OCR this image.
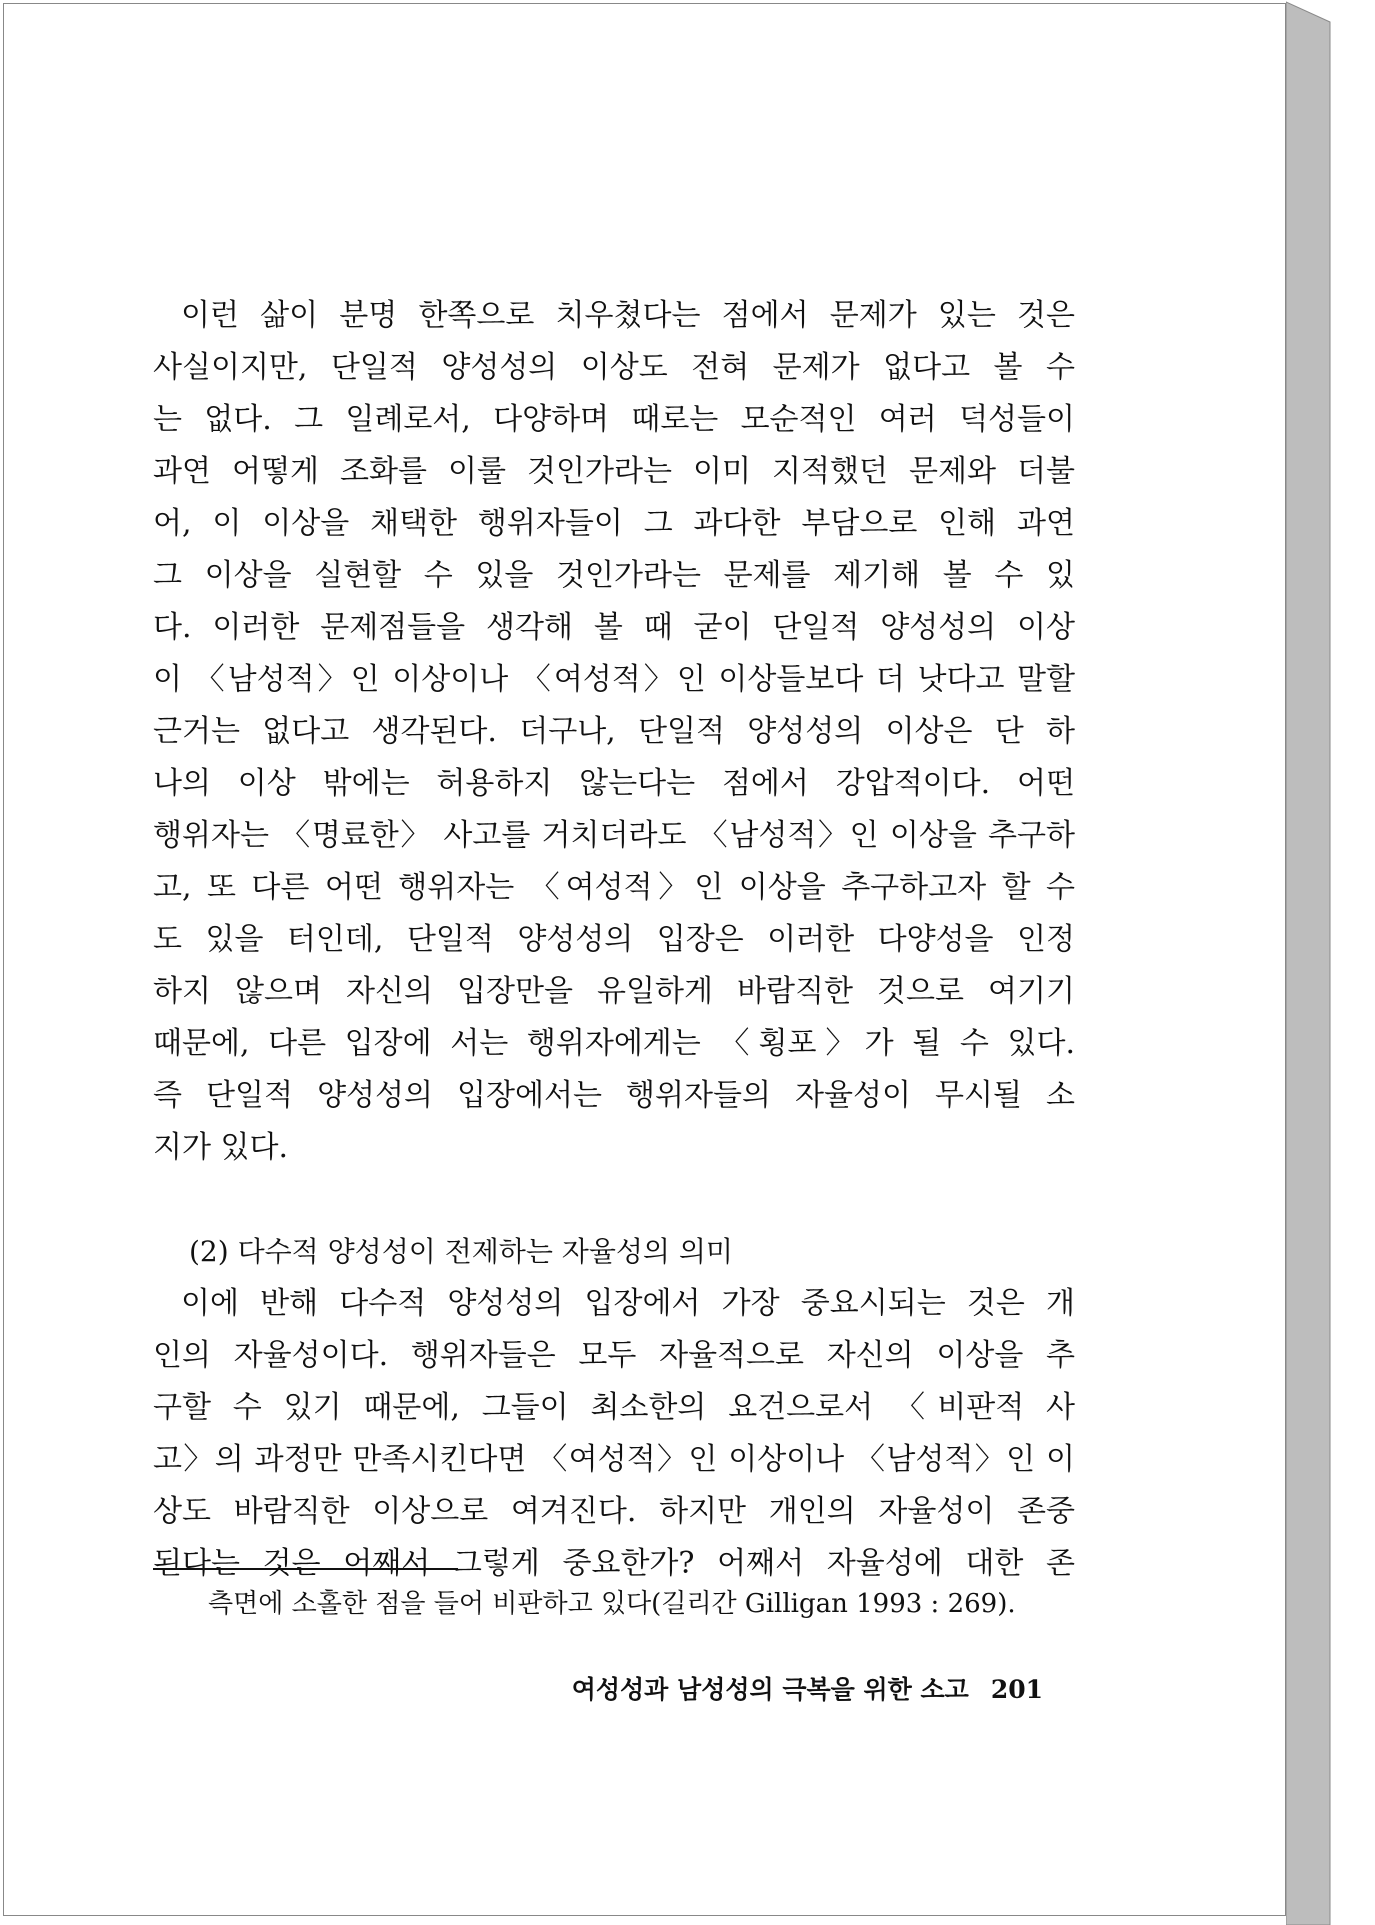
이런 삶이 분명 한쪽으로 치우쳤다는 점에서 문제가 있는 것은
사실이지만, 단일적 양성성의 이상도 전혀 문제가 없다고 볼 수
는 없다. 그 일례로서, 다양하며 때로는 모순적인 여러 덕성들이
과연 어떻게 조화를 이룰 것인가라는 이미 지적했던 문제와 더불
어, 이 이상을 채택한 행위자들이 그 과다한 부담으로 인해 과연
그 이상을 실현할 수 있을 것인가라는 문제를 제기해 볼 수 있
다. 이러한 문제점들을 생각해 볼 때 굳이 단일적 양성성의 이상
이 〈남성적〉인 이상이나 〈여성적〉인 이상들보다 더 낫다고 말할
근거는 없다고 생각된다. 더구나, 단일적 양성성의 이상은 단 하
나의 이상 밖에는 허용하지 않는다는 점에서 강압적이다. 어떤
행위자는 〈명료한〉 사고를 거치더라도 〈남성적〉인 이상을 추구하
고, 또 다른 어떤 행위자는 〈여성적〉인 이상을 추구하고자 할 수
도 있을 터인데, 단일적 양성성의 입장은 이러한 다양성을 인정
하지 않으며 자신의 입장만을 유일하게 바람직한 것으로 여기기
때문에, 다른 입장에 서는 행위자에게는 〈횡포〉가 될 수 있다.
즉 단일적 양성성의 입장에서는 행위자들의 자율성이 무시될 소
지가 있다.
(2) 다수적 양성성이 전제하는 자율성의 의미
이에 반해 다수적 양성성의 입장에서 가장 중요시되는 것은 개
인의 자율성이다. 행위자들은 모두 자율적으로 자신의 이상을 추
구할 수 있기 때문에, 그들이 최소한의 요건으로서 〈비판적 사
고〉의 과정만 만족시킨다면 〈여성적〉인 이상이나 〈남성적〉인 이
상도 바람직한 이상으로 여겨진다. 하지만 개인의 자율성이 존중
된다는 것은 어째서 그렇게 중요한가? 어째서 자율성에 대한 존
측면에 소홀한 점을 들어 비판하고 있다(길리간 Gilligan 1993 : 269).
여성성과 남성성의 극복을 위한 소고 201
